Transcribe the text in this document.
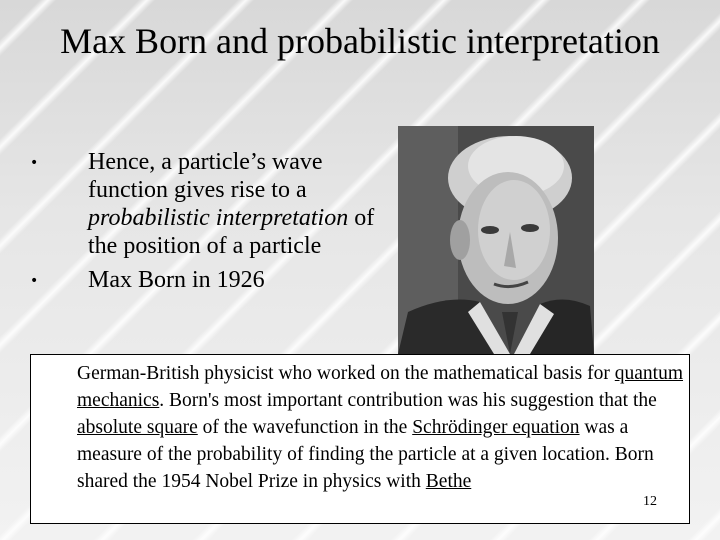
Max Born and probabilistic interpretation
• Hence, a particle’s wave function gives rise to a probabilistic interpretation of the position of a particle
• Max Born in 1926
German-British physicist who worked on the mathematical basis for quantum mechanics. Born's most important contribution was his suggestion that the absolute square of the wavefunction in the Schrödinger equation was a measure of the probability of finding the particle at a given location. Born shared the 1954 Nobel Prize in physics with Bethe
12
